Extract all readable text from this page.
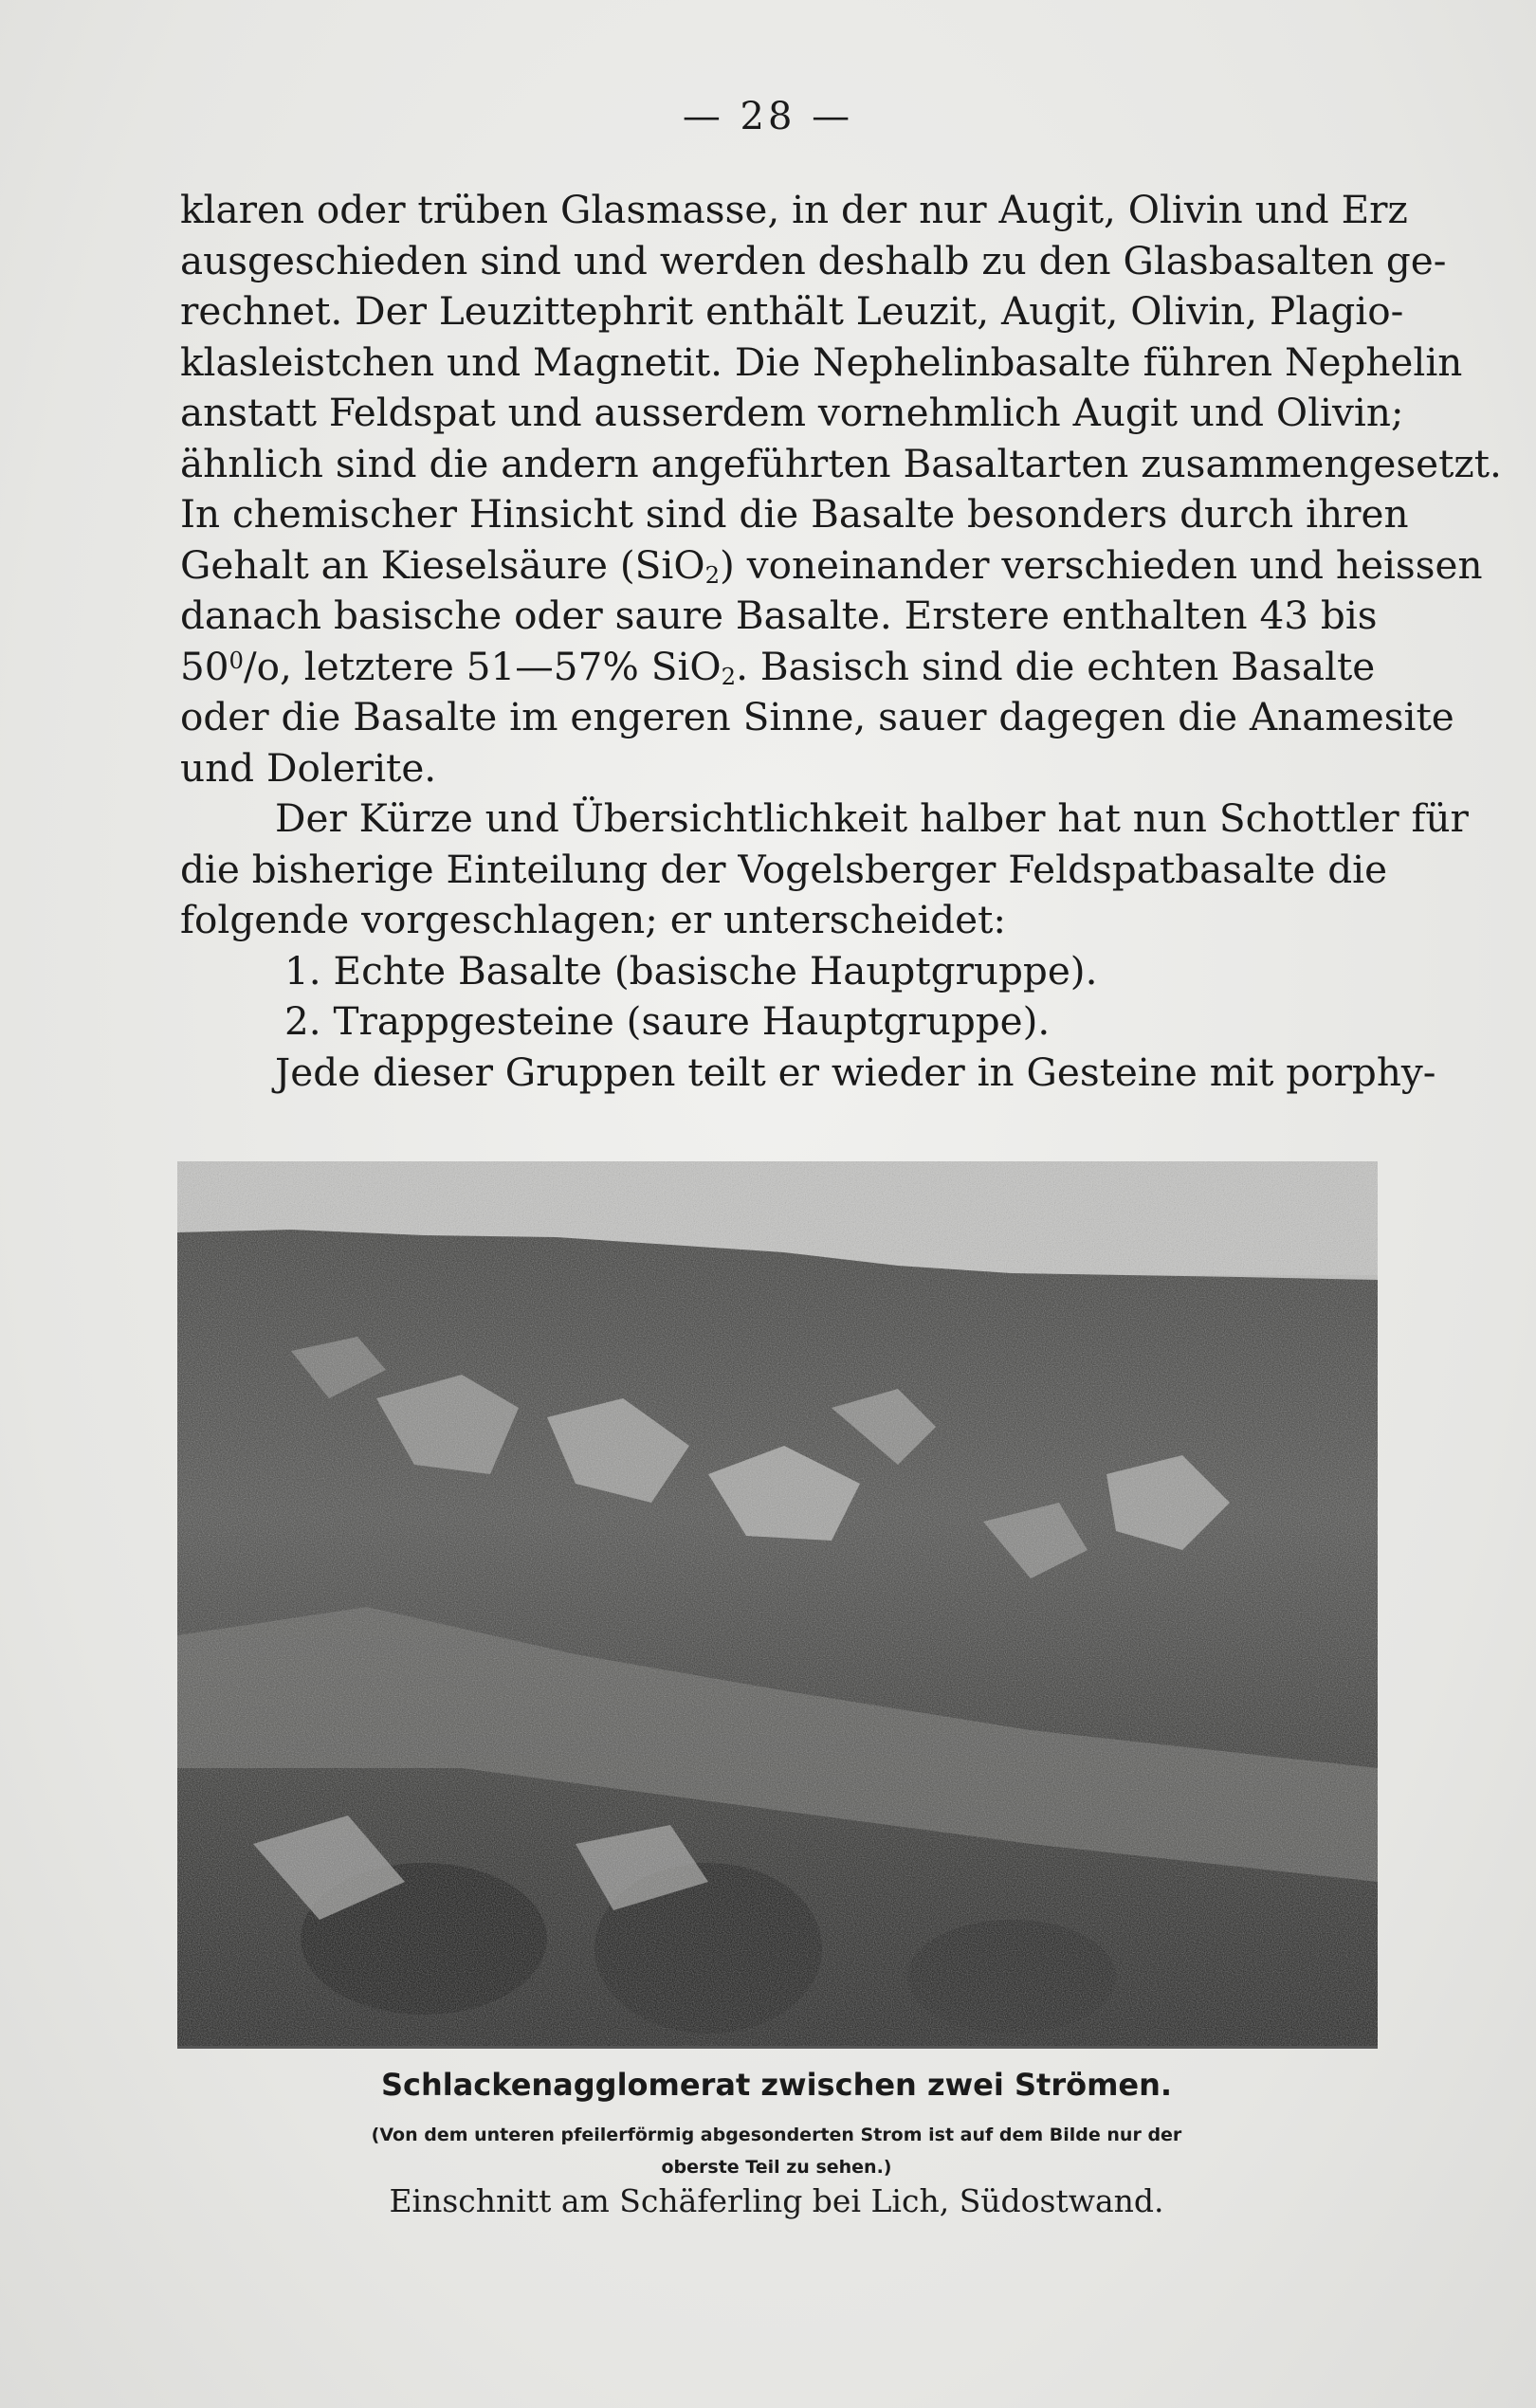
— 28 —
klaren oder trüben Glasmasse, in der nur Augit, Olivin und Erz
ausgeschieden sind und werden deshalb zu den Glasbasalten ge-
rechnet. Der Leuzittephrit enthält Leuzit, Augit, Olivin, Plagio-
klasleistchen und Magnetit. Die Nephelinbasalte führen Nephelin
anstatt Feldspat und ausserdem vornehmlich Augit und Olivin;
ähnlich sind die andern angeführten Basaltarten zusammengesetzt.
In chemischer Hinsicht sind die Basalte besonders durch ihren
Gehalt an Kieselsäure (SiO$_2$) voneinander verschieden und heissen
danach basische oder saure Basalte. Erstere enthalten 43 bis
$50^0/o$, letztere 51—57% SiO$_2$. Basisch sind die echten Basalte
oder die Basalte im engeren Sinne, sauer dagegen die Anamesite
und Dolerite.
Der Kürze und Übersichtlichkeit halber hat nun Schottler für
die bisherige Einteilung der Vogelsberger Feldspatbasalte die
folgende vorgeschlagen; er unterscheidet:
1. Echte Basalte (basische Hauptgruppe).
2. Trappgesteine (saure Hauptgruppe).
Jede dieser Gruppen teilt er wieder in Gesteine mit porphy-
Schlackenagglomerat zwischen zwei Strömen.
(Von dem unteren pfeilerförmig abgesonderten Strom ist auf dem Bilde nur der
oberste Teil zu sehen.)
Einschnitt am Schäferling bei Lich, Südostwand.
